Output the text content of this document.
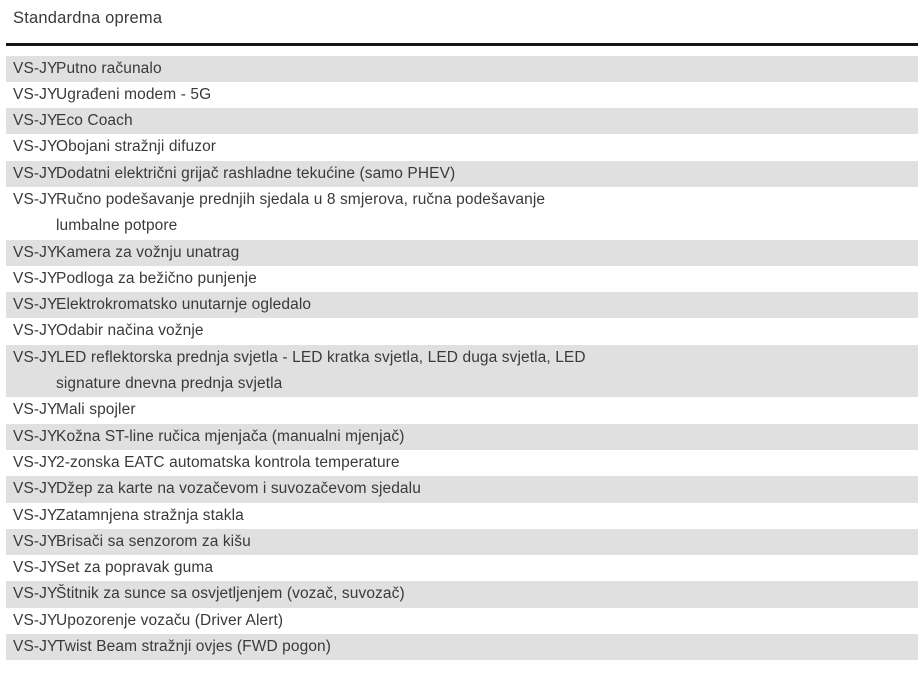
Standardna oprema
VS-JY
Putno računalo
VS-JY
Ugrađeni modem - 5G
VS-JY
Eco Coach
VS-JY
Obojani stražnji difuzor
VS-JY
Dodatni električni grijač rashladne tekućine (samo PHEV)
VS-JY
Ručno podešavanje prednjih sjedala u 8 smjerova, ručna podešavanje
lumbalne potpore
VS-JY
Kamera za vožnju unatrag
VS-JY
Podloga za bežično punjenje
VS-JY
Elektrokromatsko unutarnje ogledalo
VS-JY
Odabir načina vožnje
VS-JY
LED reflektorska prednja svjetla - LED kratka svjetla, LED duga svjetla, LED
signature dnevna prednja svjetla
VS-JY
Mali spojler
VS-JY
Kožna ST-line ručica mjenjača (manualni mjenjač)
VS-JY
2-zonska EATC automatska kontrola temperature
VS-JY
Džep za karte na vozačevom i suvozačevom sjedalu
VS-JY
Zatamnjena stražnja stakla
VS-JY
Brisači sa senzorom za kišu
VS-JY
Set za popravak guma
VS-JY
Štitnik za sunce sa osvjetljenjem (vozač, suvozač)
VS-JY
Upozorenje vozaču (Driver Alert)
VS-JY
Twist Beam stražnji ovjes (FWD pogon)
